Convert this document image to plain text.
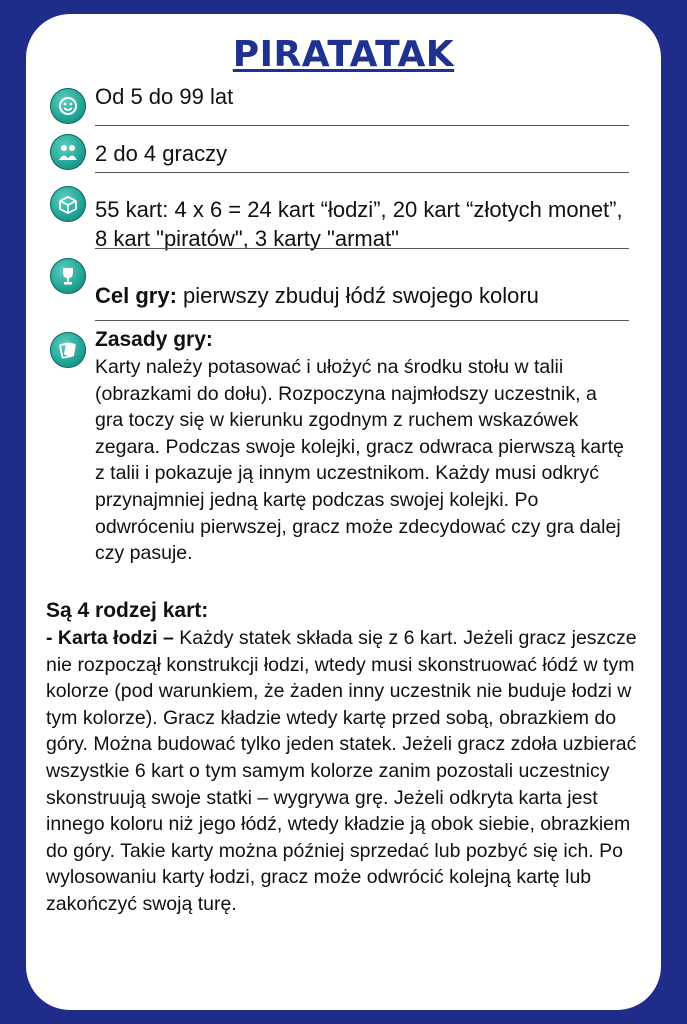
PIRATATAK
Od 5 do 99 lat
2 do 4 graczy
55 kart: 4 x 6 = 24 kart “łodzi”, 20 kart “złotych monet”, 8 kart "piratów", 3 karty "armat"
Cel gry: pierwszy zbuduj łódź swojego koloru
Zasady gry:
Karty należy potasować i ułożyć na środku stołu w talii (obrazkami do dołu). Rozpoczyna najmłodszy uczestnik, a gra toczy się w kierunku zgodnym z ruchem wskazówek zegara. Podczas swoje kolejki, gracz odwraca pierwszą kartę z talii i pokazuje ją innym uczestnikom. Każdy musi odkryć przynajmniej jedną kartę podczas swojej kolejki. Po odwróceniu pierwszej, gracz może zdecydować czy gra dalej czy pasuje.
Są 4 rodzej kart:
- Karta łodzi – Każdy statek składa się z 6 kart. Jeżeli gracz jeszcze nie rozpoczął konstrukcji łodzi, wtedy musi skonstruować łódź w tym kolorze (pod warunkiem, że żaden inny uczestnik nie buduje łodzi w tym kolorze). Gracz kładzie wtedy kartę przed sobą, obrazkiem do góry. Można budować tylko jeden statek. Jeżeli gracz zdoła uzbierać wszystkie 6 kart o tym samym kolorze zanim pozostali uczestnicy skonstruują swoje statki – wygrywa grę. Jeżeli odkryta karta jest innego koloru niż jego łódź, wtedy kładzie ją obok siebie, obrazkiem do góry. Takie karty można później sprzedać lub pozbyć się ich. Po wylosowaniu karty łodzi, gracz może odwrócić kolejną kartę lub zakończyć swoją turę.
